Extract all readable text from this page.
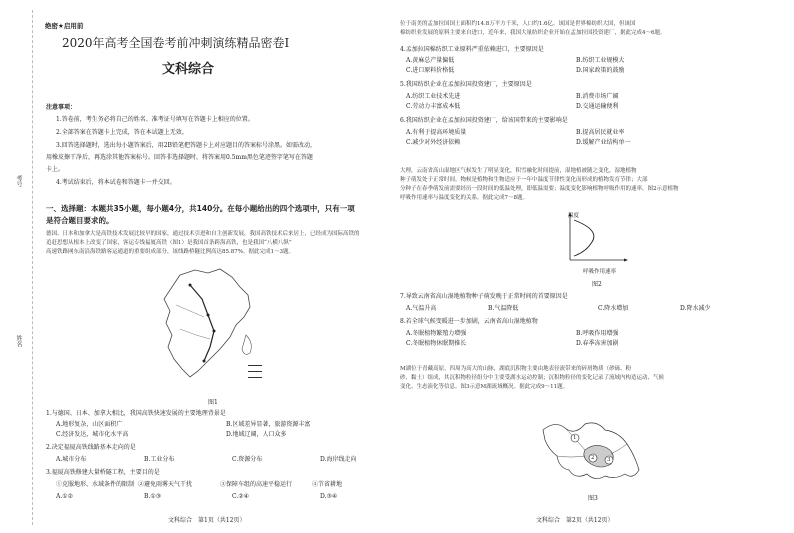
考号
姓名
绝密★启用前
2020年高考全国卷考前冲刺演练精品密卷Ⅰ
文科综合
注意事项：
1.答卷前，考生务必将自己的姓名、准考证号填写在答题卡上相应的位置。
2.全部答案在答题卡上完成，答在本试题上无效。
3.回答选择题时，选出每小题答案后，用2B铅笔把答题卡上对应题目的答案标号涂黑。如需改动，
用橡皮擦干净后，再选涂其他答案标号。回答非选择题时，将答案用0.5mm黑色笔迹签字笔写在答题
卡上。
4.考试结束后，将本试卷和答题卡一并交回。
一、选择题：本题共35小题，每小题4分，共140分。在每小题给出的四个选项中，只有一项
是符合题目要求的。
德国、日本和加拿大是高铁技术发展比较早的国家，通过技术引进和自主创新发展，我国高铁技术后来居上，已经成为国际高铁的
追赶思想从根本上改变了国家，客运专线福厦高铁（图1）是我国首条跨海高铁，也是我国“八横八纵”
高速铁路网东南沿海铁路客运通道的重要组成部分，该线路桥隧比例高达85.87%。据此完成1～3题。
图1
1.与德国、日本、加拿大相比，我国高铁快速发展的主要地理背景是
A.地形复杂，山区面积广	B.区域差异显著，旅游资源丰富
C.经济发达，城市化水平高	D.地域辽阔，人口众多
2.决定福厦高铁线路基本走向的是
A.城市分布	B.工业分布	C.资源分布	D.海岸线走向
3.福厦高铁修建大量桥隧工程，主要目的是
①克服地形、水域条件的限制 ②避免雨雾天气干扰	③保障车组的高速平稳运行	④节省耕地
A.①②	B.①③	C.②④	D.③④
文科综合　第1页（共12页）
位于南美的孟加拉国国土面积约14.8万平方千米，人口约1.6亿。该国是世界棉纺织大国，但该国
棉纺织业发展的原料主要来自进口，近年来，我国大量纺织企业开始在孟加拉国投资建厂，据此完成4～6题。
4.孟加拉国棉纺织工业原料严重依赖进口，主要原因是
A.黄麻总产量偏低	B.纺织工业规模大
C.进口原料价格低	D.国家政策的鼓励
5.我国纺织企业在孟加拉国投资建厂，主要原因是
A.纺织工业技术先进	B.消费市场广阔
C.劳动力丰富成本低	D.交通运输便利
6.我国纺织企业在孟加拉国投资建厂，给该国带来的主要影响是
A.有利于提高环境质量	B.提高居民就业率
C.减少对外经济依赖	D.缓解产业结构单一
大理，云南省高山湿地区气候发生了明显变化，积雪融化时间提前，湿地植被随之变化，湿地植物
种子萌发处于正常时间。物候是植物和生物适应于一年中温度节律性变化而形成的植物发育节律；大部
分种子在春季萌发前需要经历一段时间的低温处理，即低温需要；温度变化影响植物呼吸作用的速率。图2示意植物
呼吸作用速率与温度变化的关系。据此完成7～8题。
温度
呼吸作用速率
图2
7.导致云南省高山湿地植物种子萌发晚于正常时间的首要原因是
A.气温升高	B.气温降低	C.降水增加	D.降水减少
8.若全球气候变暖进一步加剧，云南省高山湿地植物
A.冬眠植物繁殖力增强	B.呼吸作用增强
C.冬眠植物休眠期推长	D.春季冻害加剧
M湖位于青藏高原，四周为高大的山脉，湖底沉积物主要由地表径流带来的碎屑物质（砂砾、粉
砂、黏土）组成，其沉积物粒径组分中主要受湖水运动控制；沉积物粒径的变化记录了流域内构造运动、气候
变化、生态演化等信息。图3示意M湖流域概况。据此完成9～11题。
1
2 3
图3
文科综合　第2页（共12页）
